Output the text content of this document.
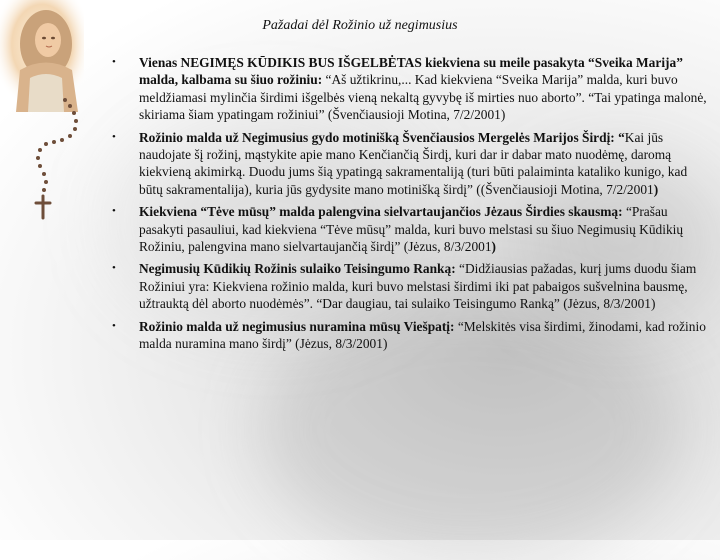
Pažadai dėl Rožinio už negimusius
• Vienas NEGIMĘS KŪDIKIS BUS IŠGELBĖTAS kiekviena su meile pasakyta “Sveika Marija” malda, kalbama su šiuo rožiniu: “Aš užtikrinu,... Kad kiekviena “Sveika Marija” malda, kuri buvo meldžiamasi mylinčia širdimi išgelbės vieną nekaltą gyvybę iš mirties nuo aborto”. “Tai ypatinga malonė, skiriama šiam ypatingam rožiniui” (Švenčiausioji Motina, 7/2/2001)
• Rožinio malda už Negimusius gydo motinišką Švenčiausios Mergelės Marijos Širdį: “Kai jūs naudojate šį rožinį, mąstykite apie mano Kenčiančią Širdį, kuri dar ir dabar mato nuodėmę, daromą kiekvieną akimirką. Duodu jums šią ypatingą sakramentaliją (turi būti palaiminta kataliko kunigo, kad būtų sakramentalija), kuria jūs gydysite mano motinišką širdį” ((Švenčiausioji Motina, 7/2/2001)
• Kiekviena “Tėve mūsų” malda palengvina sielvartaujančios Jėzaus Širdies skausmą: “Prašau pasakyti pasauliui, kad kiekviena “Tėve mūsų” malda, kuri buvo melstasi su šiuo Negimusių Kūdikių Rožiniu, palengvina mano sielvartaujančią širdį” (Jėzus, 8/3/2001)
• Negimusių Kūdikių Rožinis sulaiko Teisingumo Ranką: “Didžiausias pažadas, kurį jums duodu šiam Rožiniui yra: Kiekviena rožinio malda, kuri buvo melstasi širdimi iki pat pabaigos sušvelnina bausmę, užtrauktą dėl aborto nuodėmės”. “Dar daugiau, tai sulaiko Teisingumo Ranką” (Jėzus, 8/3/2001)
• Rožinio malda už negimusius nuramina mūsų Viešpatį: “Melskitės visa širdimi, žinodami, kad rožinio malda nuramina mano širdį” (Jėzus, 8/3/2001)
